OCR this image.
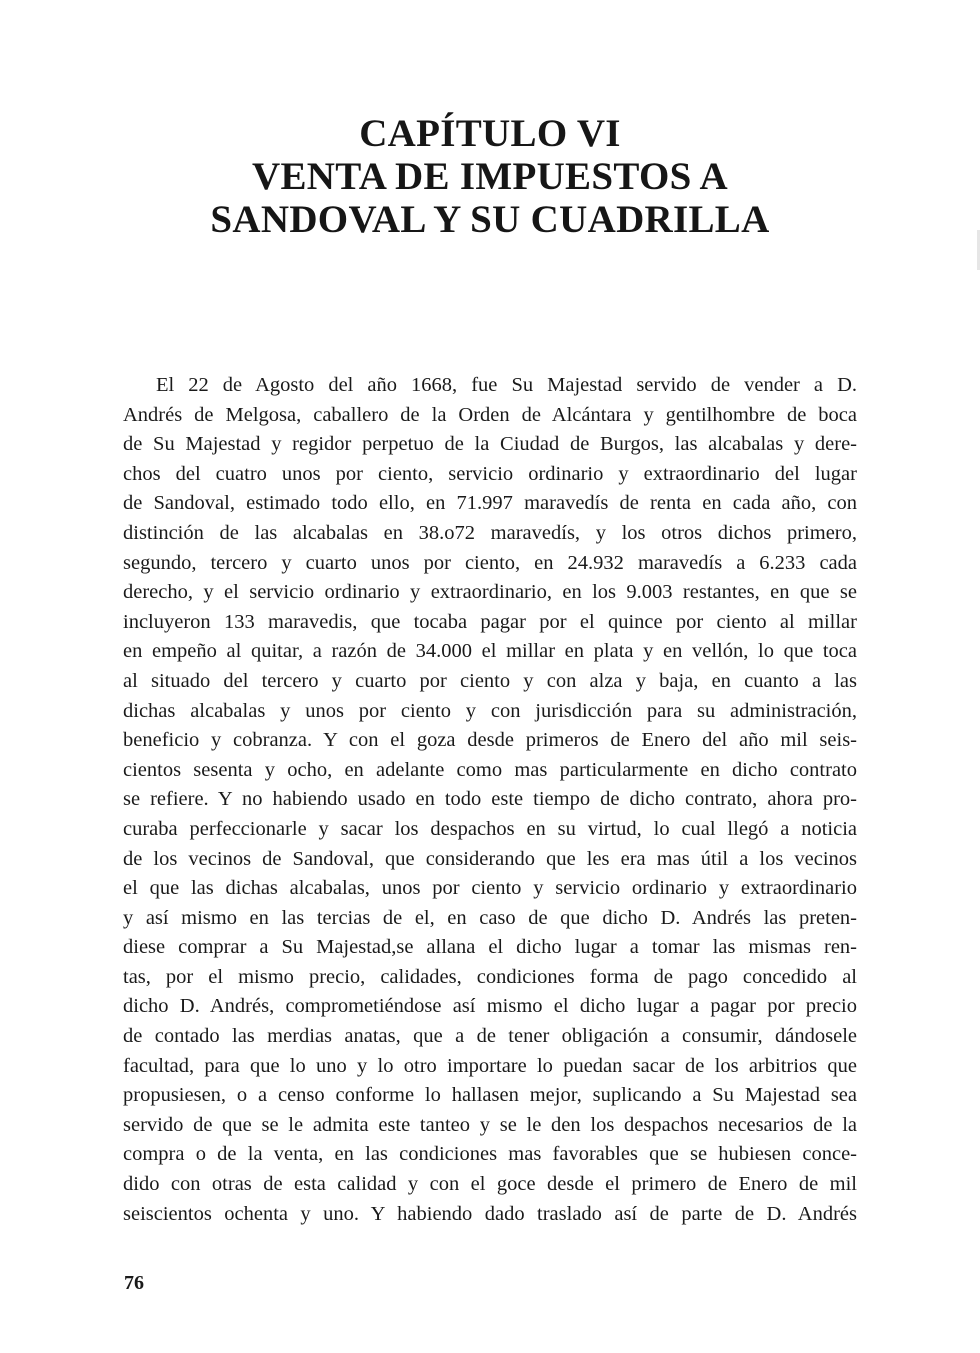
CAPÍTULO VI
VENTA DE IMPUESTOS A
SANDOVAL Y SU CUADRILLA
El 22 de Agosto del año 1668, fue Su Majestad servido de vender a D.
Andrés de Melgosa, caballero de la Orden de Alcántara y gentilhombre de boca
de Su Majestad y regidor perpetuo de la Ciudad de Burgos, las alcabalas y dere-
chos del cuatro unos por ciento, servicio ordinario y extraordinario del lugar
de Sandoval, estimado todo ello, en 71.997 maravedís de renta en cada año, con
distinción de las alcabalas en 38.o72 maravedís, y los otros dichos primero,
segundo, tercero y cuarto unos por ciento, en 24.932 maravedís a 6.233 cada
derecho, y el servicio ordinario y extraordinario, en los 9.003 restantes, en que se
incluyeron 133 maravedis, que tocaba pagar por el quince por ciento al millar
en empeño al quitar, a razón de 34.000 el millar en plata y en vellón, lo que toca
al situado del tercero y cuarto por ciento y con alza y baja, en cuanto a las
dichas alcabalas y unos por ciento y con jurisdicción para su administración,
beneficio y cobranza. Y con el goza desde primeros de Enero del año mil seis-
cientos sesenta y ocho, en adelante como mas particularmente en dicho contrato
se refiere. Y no habiendo usado en todo este tiempo de dicho contrato, ahora pro-
curaba perfeccionarle y sacar los despachos en su virtud, lo cual llegó a noticia
de los vecinos de Sandoval, que considerando que les era mas útil a los vecinos
el que las dichas alcabalas, unos por ciento y servicio ordinario y extraordinario
y así mismo en las tercias de el, en caso de que dicho D. Andrés las preten-
diese comprar a Su Majestad,se allana el dicho lugar a tomar las mismas ren-
tas, por el mismo precio, calidades, condiciones forma de pago concedido al
dicho D. Andrés, comprometiéndose así mismo el dicho lugar a pagar por precio
de contado las merdias anatas, que a de tener obligación a consumir, dándosele
facultad, para que lo uno y lo otro importare lo puedan sacar de los arbitrios que
propusiesen, o a censo conforme lo hallasen mejor, suplicando a Su Majestad sea
servido de que se le admita este tanteo y se le den los despachos necesarios de la
compra o de la venta, en las condiciones mas favorables que se hubiesen conce-
dido con otras de esta calidad y con el goce desde el primero de Enero de mil
seiscientos ochenta y uno. Y habiendo dado traslado así de parte de D. Andrés
76
